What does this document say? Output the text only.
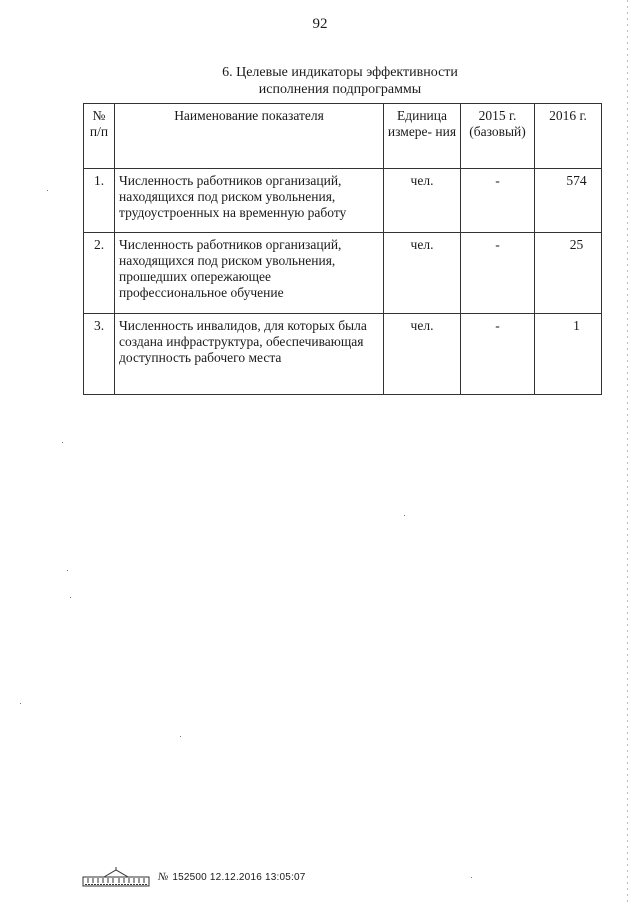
92
6. Целевые индикаторы эффективности
исполнения подпрограммы
№ п/п	Наименование показателя	Единица измере- ния	2015 г. (базовый)	2016 г.
1.	Численность работников организаций, находящихся под риском увольнения, трудоустроенных на временную работу	чел.	-	574
2.	Численность работников организаций, находящихся под риском увольнения, прошедших опережающее профессиональное обучение	чел.	-	25
3.	Численность инвалидов, для которых была создана инфраструктура, обеспечивающая доступность рабочего места	чел.	-	1
№ 152500 12.12.2016 13:05:07
